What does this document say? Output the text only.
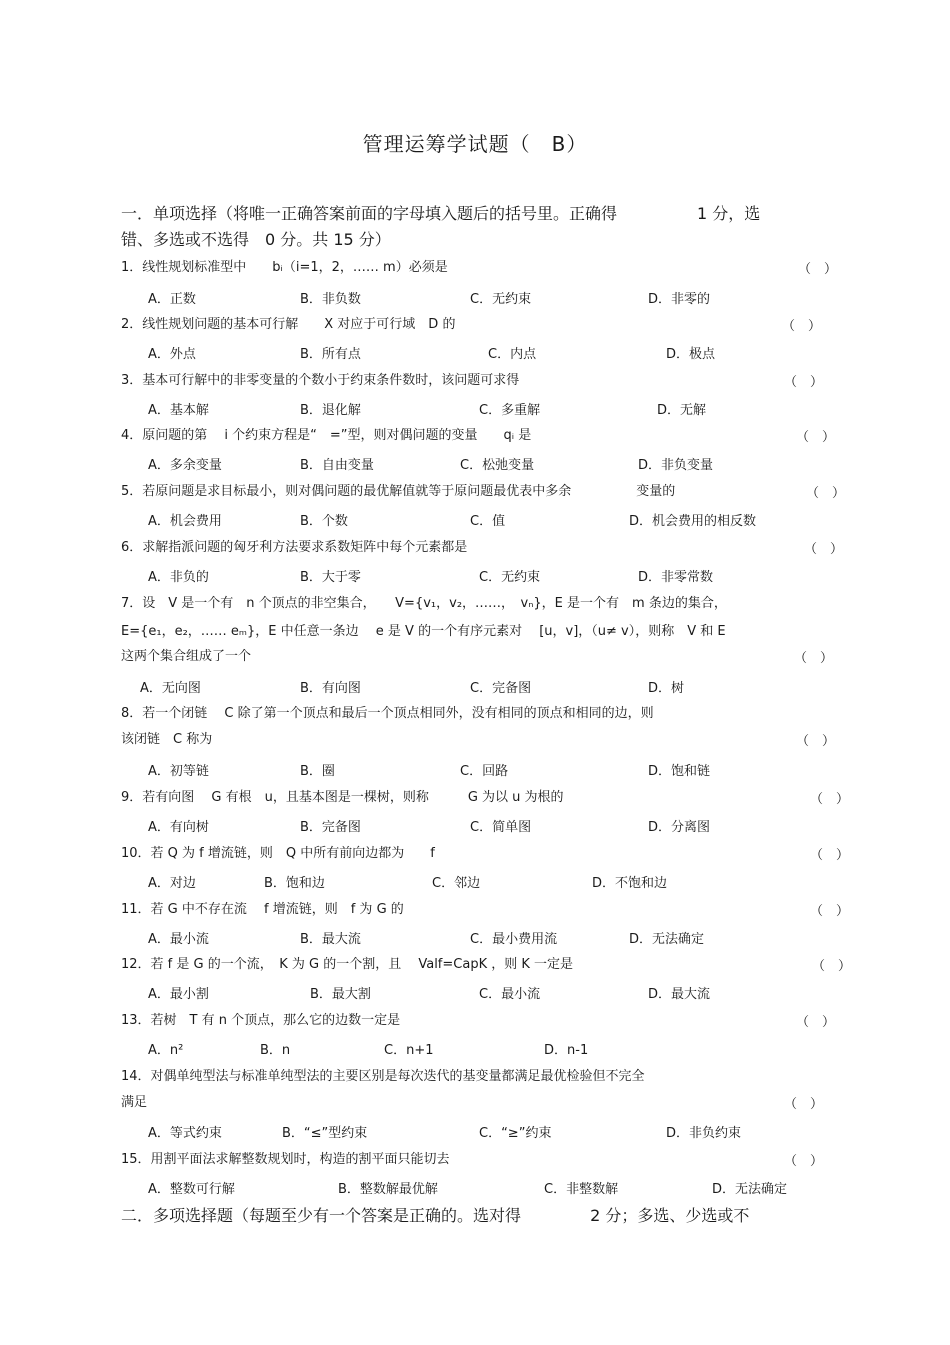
管理运筹学试题（　B）
一．单项选择（将唯一正确答案前面的字母填入题后的括号里。正确得　　　　　1 分，选
错、多选或不选得　0 分。共 15 分）
1．线性规划标准型中　　bᵢ（i=1，2，…… m）必须是	（　）
A．正数	B．非负数	C．无约束	D．非零的
2．线性规划问题的基本可行解　　X 对应于可行域　D 的	（　）
A．外点	B．所有点	C．内点	D．极点
3．基本可行解中的非零变量的个数小于约束条件数时，该问题可求得	（　）
A．基本解	B．退化解	C．多重解	D．无解
4．原问题的第　 i 个约束方程是“　=”型，则对偶问题的变量　　qᵢ 是	（　）
A．多余变量	B．自由变量	C．松弛变量	D．非负变量
5．若原问题是求目标最小，则对偶问题的最优解值就等于原问题最优表中多余　　　　　变量的	（　）
A．机会费用	B．个数	C．值	D．机会费用的相反数
6．求解指派问题的匈牙利方法要求系数矩阵中每个元素都是	（　）
A．非负的	B．大于零	C．无约束	D．非零常数
7．设　V 是一个有　n 个顶点的非空集合，　　V={v₁，v₂，……，　vₙ}，E 是一个有　m 条边的集合，
E={e₁，e₂，…… eₘ}，E 中任意一条边　 e 是 V 的一个有序元素对　 [u，v]，（u≠ v），则称　V 和 E
这两个集合组成了一个	（　）
A．无向图	B．有向图	C．完备图	D．树
8．若一个闭链　 C 除了第一个顶点和最后一个顶点相同外，没有相同的顶点和相同的边，则
该闭链　C 称为	（　）
A．初等链	B．圈	C．回路	D．饱和链
9．若有向图　 G 有根　u，且基本图是一棵树，则称　　　G 为以 u 为根的	（　）
A．有向树	B．完备图	C．简单图	D．分离图
10．若 Q 为 f 增流链，则　Q 中所有前向边都为　　f	（　）
A．对边	B．饱和边	C．邻边	D．不饱和边
11．若 G 中不存在流　 f 增流链，则　f 为 G 的	（　）
A．最小流	B．最大流	C．最小费用流	D．无法确定
12．若 f 是 G 的一个流，　K 为 G 的一个割，且　 Valf=CapK ，则 K 一定是	（　）
A．最小割	B．最大割	C．最小流	D．最大流
13．若树　T 有 n 个顶点，那么它的边数一定是	（　）
A．n²	B．n	C．n+1	D．n-1
14．对偶单纯型法与标准单纯型法的主要区别是每次迭代的基变量都满足最优检验但不完全
满足	（　）
A．等式约束	B．“≤”型约束	C．“≥”约束	D．非负约束
15．用割平面法求解整数规划时，构造的割平面只能切去	（　）
A．整数可行解	B．整数解最优解	C．非整数解	D．无法确定
二．多项选择题（每题至少有一个答案是正确的。选对得　　　　 2 分；多选、少选或不
